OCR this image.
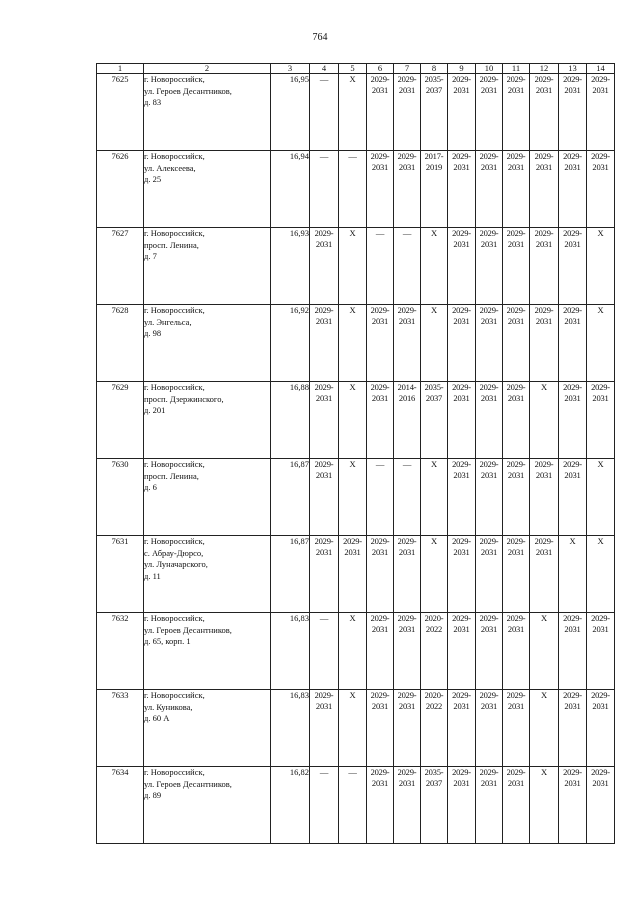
764
1	2	3	4	5	6	7	8	9	10	11	12	13	14
7625	г. Новороссийск,
ул. Героев Десантников,
д. 83	16,95	—	Х	2029-
2031	2029-
2031	2035-
2037	2029-
2031	2029-
2031	2029-
2031	2029-
2031	2029-
2031	2029-
2031

7626	г. Новороссийск,
ул. Алексеева,
д. 25	16,94	—	—	2029-
2031	2029-
2031	2017-
2019	2029-
2031	2029-
2031	2029-
2031	2029-
2031	2029-
2031	2029-
2031

7627	г. Новороссийск,
просп. Ленина,
д. 7	16,93	2029-
2031	Х	—	—	Х	2029-
2031	2029-
2031	2029-
2031	2029-
2031	2029-
2031	Х
7628	г. Новороссийск,
ул. Энгельса,
д. 98	16,92	2029-
2031	Х	2029-
2031	2029-
2031	Х	2029-
2031	2029-
2031	2029-
2031	2029-
2031	2029-
2031	Х
7629	г. Новороссийск,
просп. Дзержинского,
д. 201	16,88	2029-
2031	Х	2029-
2031	2014-
2016	2035-
2037	2029-
2031	2029-
2031	2029-
2031	Х	2029-
2031	2029-
2031

7630	г. Новороссийск,
просп. Ленина,
д. 6	16,87	2029-
2031	Х	—	—	Х	2029-
2031	2029-
2031	2029-
2031	2029-
2031	2029-
2031	Х
7631	г. Новороссийск,
с. Абрау-Дюрсо,
ул. Луначарского,
д. 11	16,87	2029-
2031	2029-
2031	2029-
2031	2029-
2031	Х	2029-
2031	2029-
2031	2029-
2031	2029-
2031	Х	Х
7632	г. Новороссийск,
ул. Героев Десантников,
д. 65, корп. 1	16,83	—	Х	2029-
2031	2029-
2031	2020-
2022	2029-
2031	2029-
2031	2029-
2031	Х	2029-
2031	2029-
2031

7633	г. Новороссийск,
ул. Куникова,
д. 60 А	16,83	2029-
2031	Х	2029-
2031	2029-
2031	2020-
2022	2029-
2031	2029-
2031	2029-
2031	Х	2029-
2031	2029-
2031

7634	г. Новороссийск,
ул. Героев Десантников,
д. 89	16,82	—	—	2029-
2031	2029-
2031	2035-
2037	2029-
2031	2029-
2031	2029-
2031	Х	2029-
2031	2029-
2031
